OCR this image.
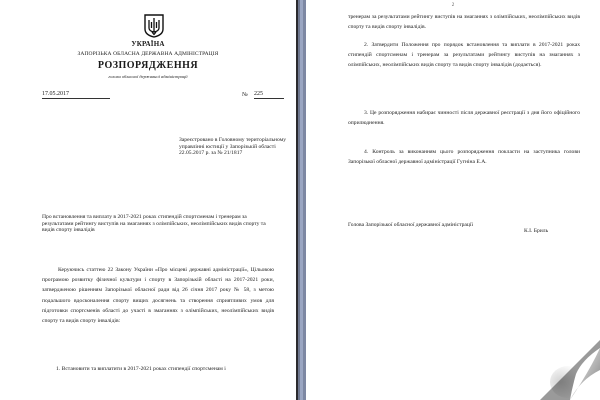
УКРАЇНА
ЗАПОРІЗЬКА ОБЛАСНА ДЕРЖАВНА АДМІНІСТРАЦІЯ
РОЗПОРЯДЖЕННЯ
голови обласної державної адміністрації
17.05.2017	№ 225
Зареєстровано в Головному територіальному управлінні юстиції у Запорізькій області 22.05.2017 р. за № 21/1817
Про встановлення та виплату в 2017-2021 роках стипендій спортсменам і тренерам за результатами рейтингу виступів на змаганнях з олімпійських, неолімпійських видів спорту та видів спорту інвалідів
Керуючись статтею 22 Закону України «Про місцеві державні адміністрації», Цільовою програмою розвитку фізичної культури і спорту в Запорізькій області на 2017-2021 роки, затвердженою рішенням Запорізької обласної ради від 26 січня 2017 року № 58, з метою подальшого вдосконалення спорту вищих досягнень та створення сприятливих умов для підготовки спортсменів області до участі в змаганнях з олімпійських, неолімпійських видів спорту та видів спорту інвалідів:
1. Встановити та виплатити в 2017-2021 роках стипендії спортсменам і
2
тренерам за результатами рейтингу виступів на змаганнях з олімпійських, неолімпійських видів спорту та видів спорту інвалідів.
2. Затвердити Положення про порядок встановлення та виплати в 2017-2021 роках стипендій спортсменам і тренерам за результатами рейтингу виступів на змаганнях з олімпійських, неолімпійських видів спорту та видів спорту інвалідів (додається).
3. Це розпорядження набирає чинності після державної реєстрації з дня його офіційного оприлюднення.
4. Контроль за виконанням цього розпорядження покласти на заступника голови Запорізької обласної державної адміністрації Гугніна Е.А.
Голова Запорізької обласної державної адміністрації
К.І. Бриль
